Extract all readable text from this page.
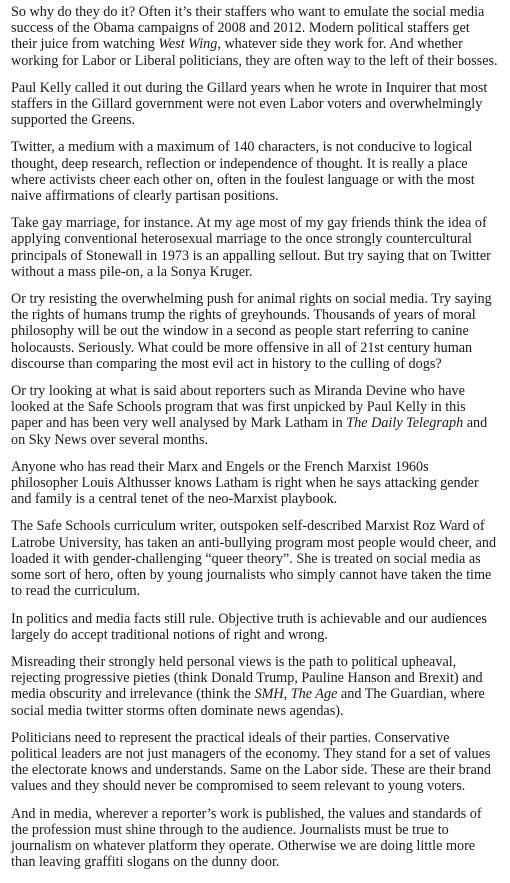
So why do they do it? Often it’s their staffers who want to emulate the social media success of the Obama campaigns of 2008 and 2012. Modern political staffers get their juice from watching West Wing, whatever side they work for. And whether working for Labor or Liberal politicians, they are often way to the left of their bosses.

Paul Kelly called it out during the Gillard years when he wrote in Inquirer that most staffers in the Gillard government were not even Labor voters and overwhelmingly supported the Greens.

Twitter, a medium with a maximum of 140 characters, is not conducive to logical thought, deep research, reflection or independence of thought. It is really a place where activists cheer each other on, often in the foulest language or with the most naive affirmations of clearly partisan positions.

Take gay marriage, for instance. At my age most of my gay friends think the idea of applying conventional heterosexual marriage to the once strongly countercultural principals of Stonewall in 1973 is an appalling sellout. But try saying that on Twitter without a mass pile-on, a la Sonya Kruger.

Or try resisting the overwhelming push for animal rights on social media. Try saying the rights of humans trump the rights of greyhounds. Thousands of years of moral philosophy will be out the window in a second as people start referring to canine holocausts. Seriously. What could be more offensive in all of 21st century human discourse than comparing the most evil act in history to the culling of dogs?

Or try looking at what is said about reporters such as Miranda Devine who have looked at the Safe Schools program that was first unpicked by Paul Kelly in this paper and has been very well analysed by Mark Latham in The Daily Telegraph and on Sky News over several months.

Anyone who has read their Marx and Engels or the French Marxist 1960s philosopher Louis Althusser knows Latham is right when he says attacking gender and family is a central tenet of the neo-Marxist playbook.

The Safe Schools curriculum writer, outspoken self-described Marxist Roz Ward of Latrobe University, has taken an anti-bullying program most people would cheer, and loaded it with gender-challenging “queer theory”. She is treated on social media as some sort of hero, often by young journalists who simply cannot have taken the time to read the curriculum.

In politics and media facts still rule. Objective truth is achievable and our audiences largely do accept traditional notions of right and wrong.

Misreading their strongly held personal views is the path to political upheaval, rejecting progressive pieties (think Donald Trump, Pauline Hanson and Brexit) and media obscurity and irrelevance (think the SMH, The Age and The Guardian, where social media twitter storms often dominate news agendas).

Politicians need to represent the practical ideals of their parties. Conservative political leaders are not just managers of the economy. They stand for a set of values the electorate knows and understands. Same on the Labor side. These are their brand values and they should never be compromised to seem relevant to young voters.

And in media, wherever a reporter’s work is published, the values and standards of the profession must shine through to the audience. Journalists must be true to journalism on whatever platform they operate. Otherwise we are doing little more than leaving graffiti slogans on the dunny door.
